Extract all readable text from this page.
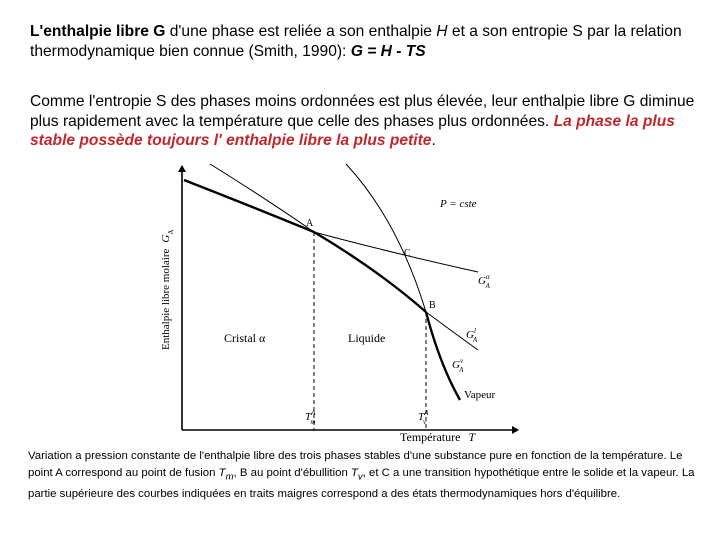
L'enthalpie libre G d'une phase est reliée a son enthalpie H et a son entropie S par la relation thermodynamique bien connue (Smith, 1990): G = H - TS

Comme l'entropie S des phases moins ordonnées est plus élevée, leur enthalpie libre G diminue plus rapidement avec la température que celle des phases plus ordonnées. La phase la plus stable possède toujours l' enthalpie libre la plus petite.

P = cste
A
C
B
Cristal α	Liquide
Vapeur
$G^\alpha$ A
$G^l$ A
$G^v$ A
$T^A$ m	$T^A$ v
Température T
Enthalpie libre molaireG$_A$

Variation a pression constante de l'enthalpie libre des trois phases stables d'une substance pure en fonction de la température. Le point A correspond au point de fusion $T_m$, B au point d'ébullition $T_v$, et C a une transition hypothétique entre le solide et la vapeur. La partie supérieure des courbes indiquées en traits maigres correspond a des états thermodynamiques hors d'équilibre.
